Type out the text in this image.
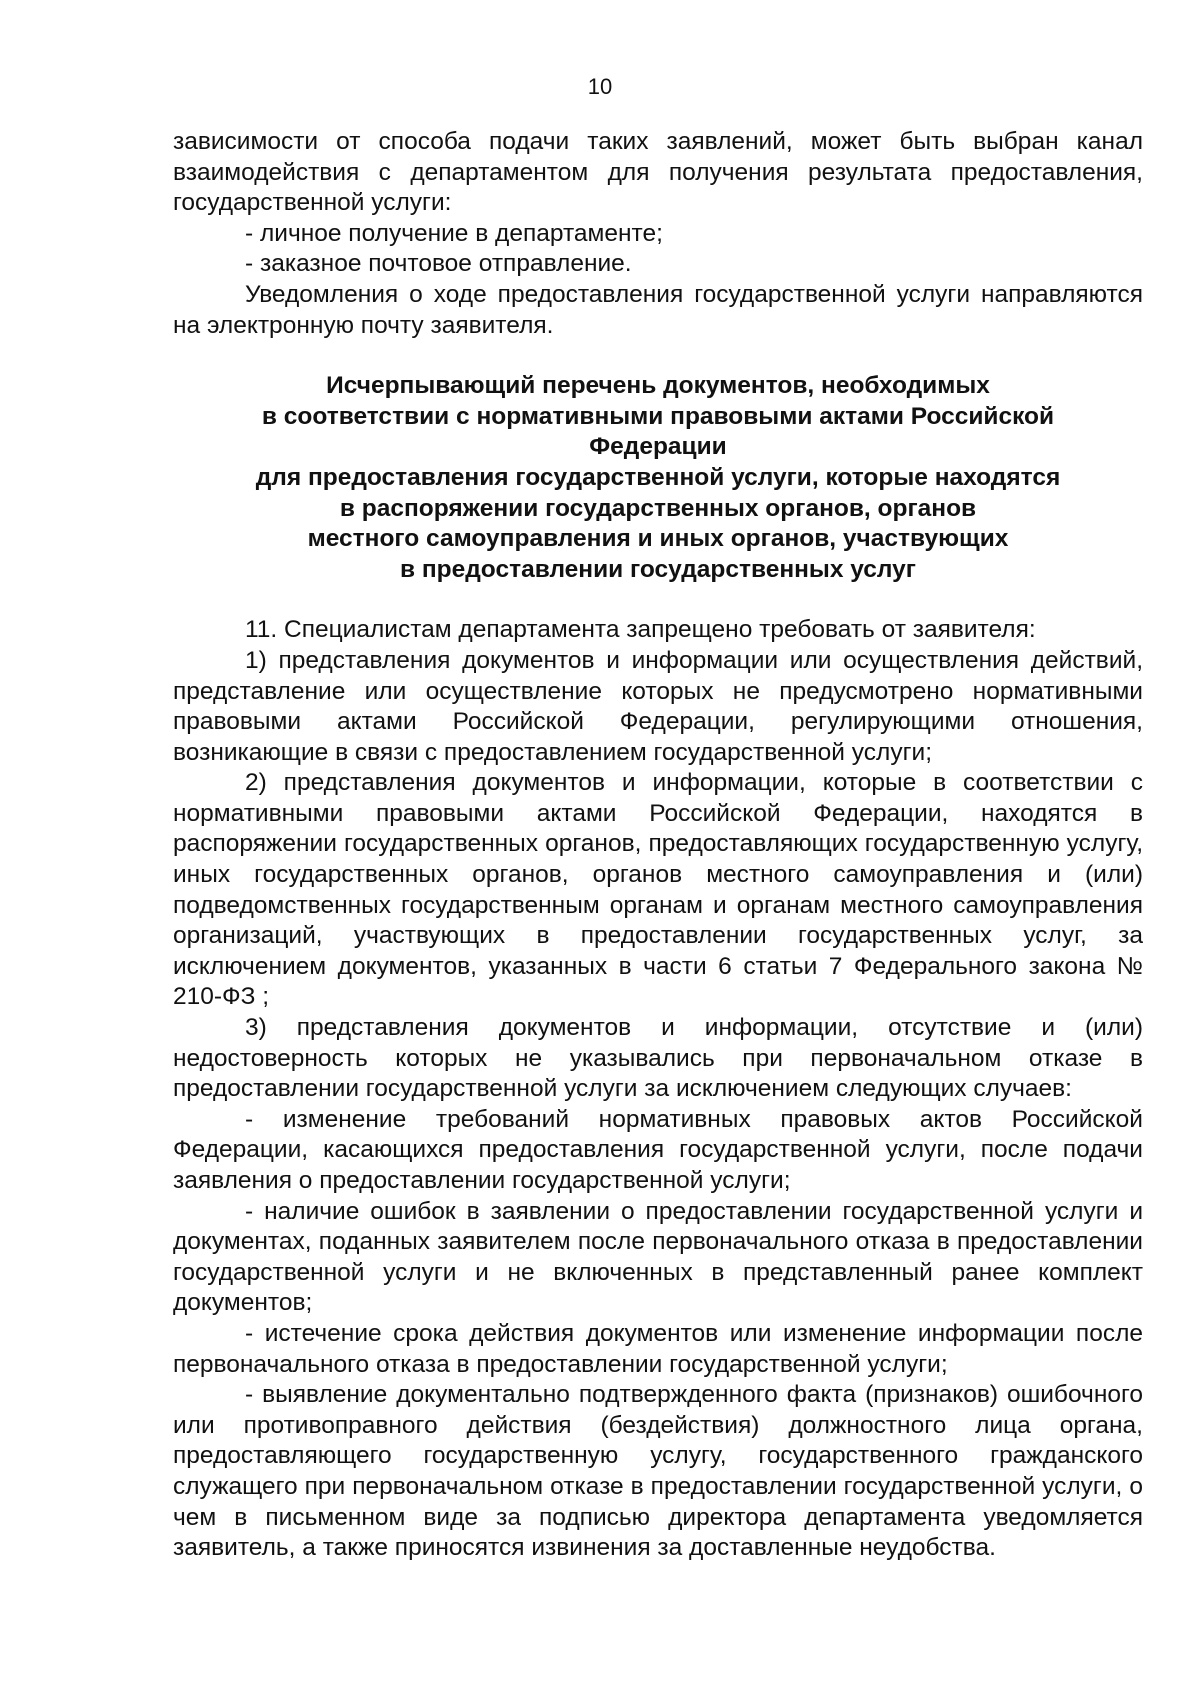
10

зависимости от способа подачи таких заявлений, может быть выбран канал взаимодействия с департаментом для получения результата предоставления, государственной услуги:

- личное получение в департаменте;

- заказное почтовое отправление.

Уведомления о ходе предоставления государственной услуги направляются на электронную почту заявителя.

Исчерпывающий перечень документов, необходимых
в соответствии с нормативными правовыми актами Российской
Федерации
для предоставления государственной услуги, которые находятся
в распоряжении государственных органов, органов
местного самоуправления и иных органов, участвующих
в предоставлении государственных услуг

11. Специалистам департамента запрещено требовать от заявителя:

1) представления документов и информации или осуществления действий, представление или осуществление которых не предусмотрено нормативными правовыми актами Российской Федерации, регулирующими отношения, возникающие в связи с предоставлением государственной услуги;

2) представления документов и информации, которые в соответствии с нормативными правовыми актами Российской Федерации, находятся в распоряжении государственных органов, предоставляющих государственную услугу, иных государственных органов, органов местного самоуправления и (или) подведомственных государственным органам и органам местного самоуправления организаций, участвующих в предоставлении государственных услуг, за исключением документов, указанных в части 6 статьи 7 Федерального закона № 210-ФЗ ;

3) представления документов и информации, отсутствие и (или) недостоверность которых не указывались при первоначальном отказе в предоставлении государственной услуги за исключением следующих случаев:

- изменение требований нормативных правовых актов Российской Федерации, касающихся предоставления государственной услуги, после подачи заявления о предоставлении государственной услуги;

- наличие ошибок в заявлении о предоставлении государственной услуги и документах, поданных заявителем после первоначального отказа в предоставлении государственной услуги и не включенных в представленный ранее комплект документов;

- истечение срока действия документов или изменение информации после первоначального отказа в предоставлении государственной услуги;

- выявление документально подтвержденного факта (признаков) ошибочного или противоправного действия (бездействия) должностного лица органа, предоставляющего государственную услугу, государственного гражданского служащего при первоначальном отказе в предоставлении государственной услуги, о чем в письменном виде за подписью директора департамента уведомляется заявитель, а также приносятся извинения за доставленные неудобства.
